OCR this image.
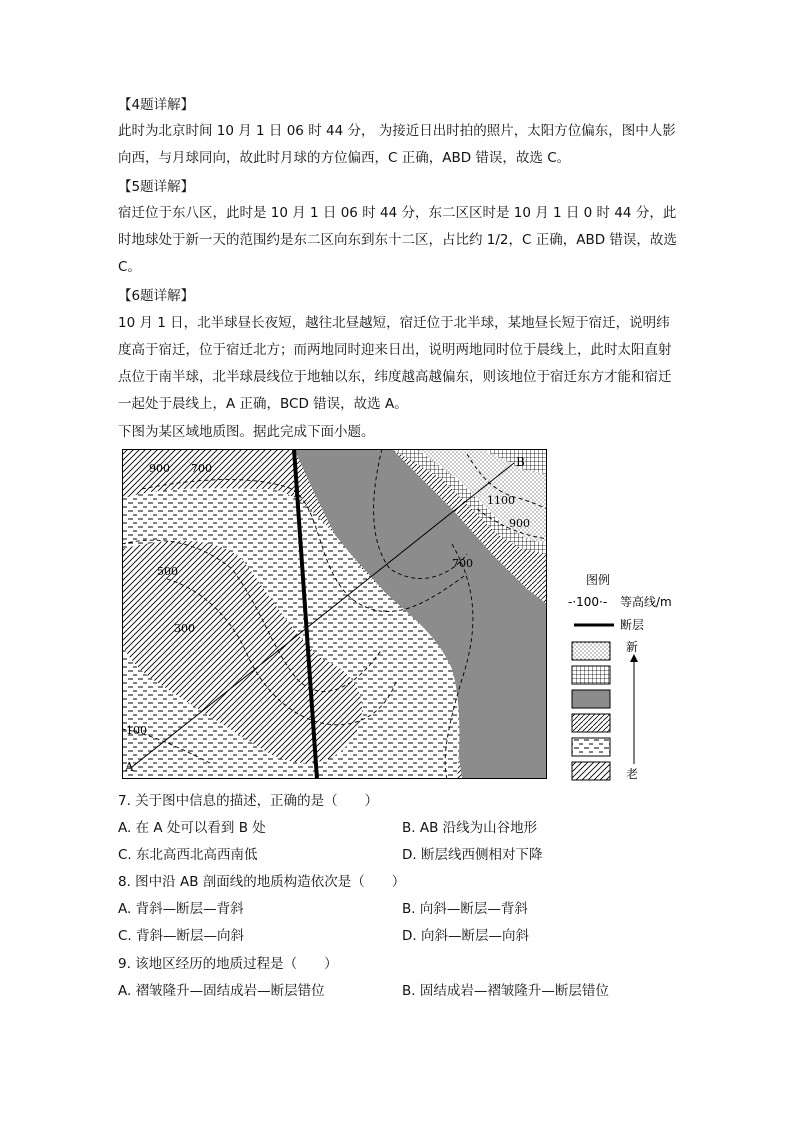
【4题详解】

此时为北京时间 10 月 1 日 06 时 44 分， 为接近日出时拍的照片，太阳方位偏东，图中人影向西，与月球同向，故此时月球的方位偏西，C 正确，ABD 错误，故选 C。

【5题详解】

宿迁位于东八区，此时是 10 月 1 日 06 时 44 分，东二区区时是 10 月 1 日 0 时 44 分，此时地球处于新一天的范围约是东二区向东到东十二区，占比约 1/2，C 正确，ABD 错误，故选 C。

【6题详解】

10 月 1 日，北半球昼长夜短，越往北昼越短，宿迁位于北半球，某地昼长短于宿迁，说明纬度高于宿迁，位于宿迁北方；而两地同时迎来日出，说明两地同时位于晨线上，此时太阳直射点位于南半球，北半球晨线位于地轴以东，纬度越高越偏东，则该地位于宿迁东方才能和宿迁一起处于晨线上，A 正确，BCD 错误，故选 A。

下图为某区域地质图。据此完成下面小题。
900 700
500
300
100
1100
900
700
A
B
图例
-·100·- 等高线/m
断层
新
老
7. 关于图中信息的描述，正确的是（　　）
A. 在 A 处可以看到 B 处	B. AB 沿线为山谷地形
C. 东北高西北高西南低	D. 断层线西侧相对下降
8. 图中沿 AB 剖面线的地质构造依次是（　　）
A. 背斜—断层—背斜	B. 向斜—断层—背斜
C. 背斜—断层—向斜	D. 向斜—断层—向斜
9. 该地区经历的地质过程是（　　）
A. 褶皱隆升—固结成岩—断层错位	B. 固结成岩—褶皱隆升—断层错位
